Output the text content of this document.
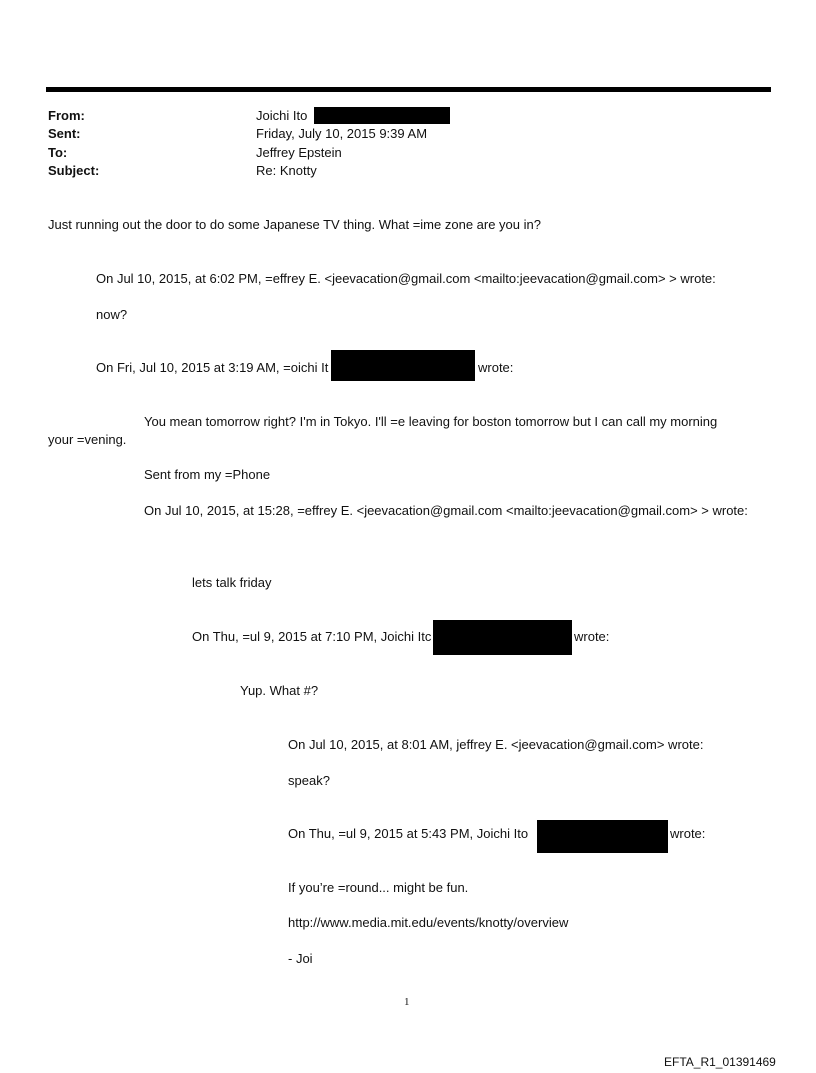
From:	Joichi Ito
Sent:	Friday, July 10, 2015 9:39 AM
To:	Jeffrey Epstein
Subject:	Re: Knotty
Just running out the door to do some Japanese TV thing. What =ime zone are you in?
On Jul 10, 2015, at 6:02 PM, =effrey E. <jeevacation@gmail.com <mailto:jeevacation@gmail.com> > wrote:
now?
On Fri, Jul 10, 2015 at 3:19 AM, =oichi It	wrote:
You mean tomorrow right? I'm in Tokyo. I'll =e leaving for boston tomorrow but I can call my morning
your =vening.
Sent from my =Phone
On Jul 10, 2015, at 15:28, =effrey E. <jeevacation@gmail.com <mailto:jeevacation@gmail.com> > wrote:
lets talk friday
On Thu, =ul 9, 2015 at 7:10 PM, Joichi Itc	wrote:
Yup. What #?
On Jul 10, 2015, at 8:01 AM, jeffrey E. <jeevacation@gmail.com> wrote:
speak?
On Thu, =ul 9, 2015 at 5:43 PM, Joichi Ito	wrote:
If you’re =round... might be fun.
http://www.media.mit.edu/events/knotty/overview
- Joi
1
EFTA_R1_01391469
